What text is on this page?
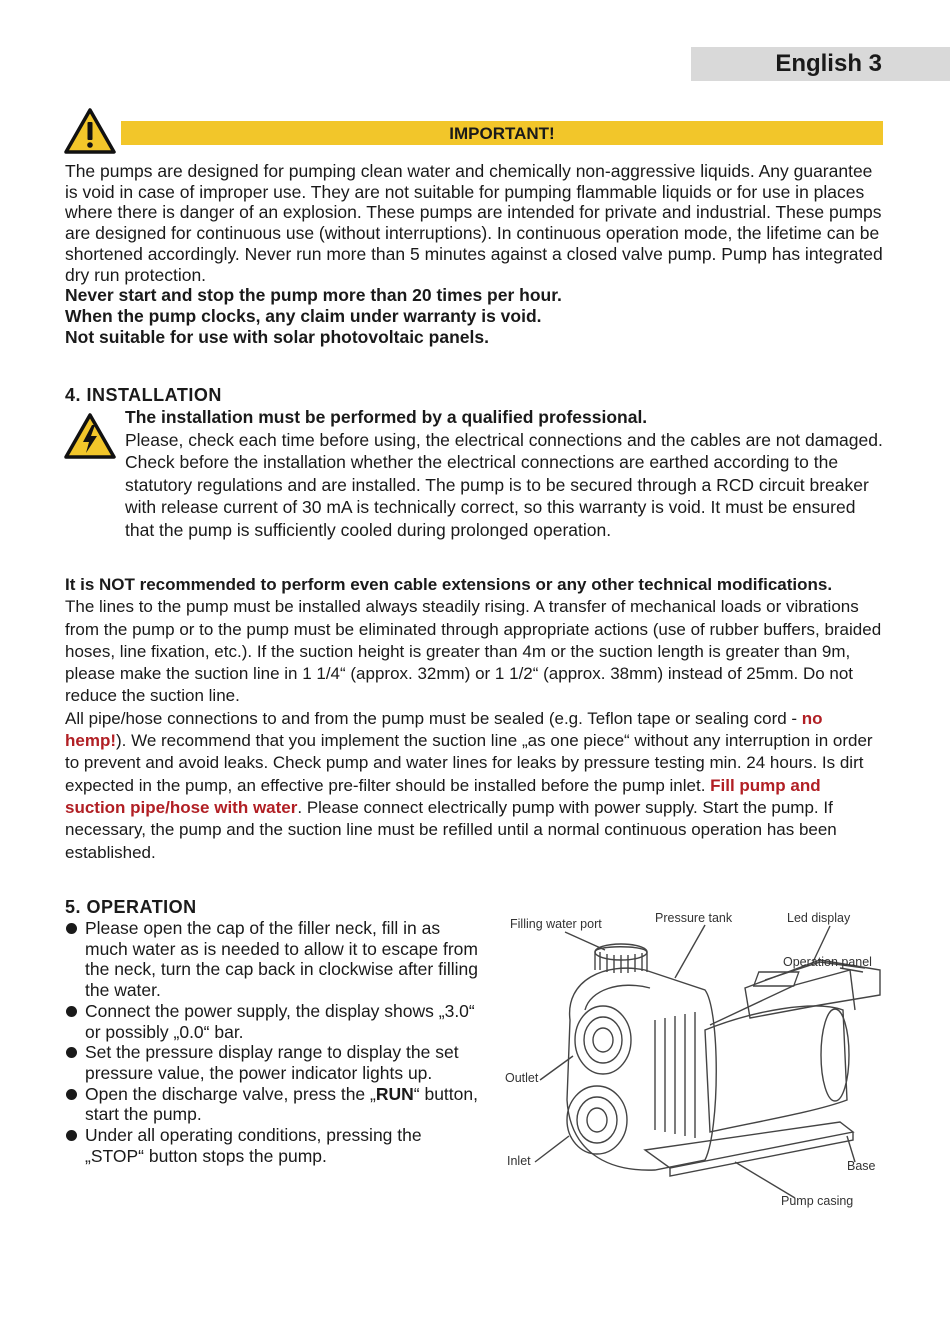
English 3
IMPORTANT!

The pumps are designed for pumping clean water and chemically non-aggressive liquids. Any guarantee is void in case of improper use. They are not suitable for pumping flammable liquids or for use in places where there is danger of an explosion. These pumps are intended for private and industrial. These pumps are designed for continuous use (without interruptions). In continuous operation mode, the lifetime can be shortened accordingly. Never run more than 5 minutes against a closed valve pump. Pump has integrated dry run protection.

Never start and stop the pump more than 20 times per hour.

When the pump clocks, any claim under warranty is void.

Not suitable for use with solar photovoltaic panels.

4. INSTALLATION
The installation must be performed by a qualified professional.
Please, check each time before using, the electrical connections and the cables are not damaged. Check before the installation whether the electrical connections are earthed according to the statutory regulations and are installed. The pump is to be secured through a RCD circuit breaker with release current of 30 mA is technically correct, so this warranty is void. It must be ensured that the pump is sufficiently cooled during prolonged operation.
It is NOT recommended to perform even cable extensions or any other technical modifications.
The lines to the pump must be installed always steadily rising. A transfer of mechanical loads or vibrations from the pump or to the pump must be eliminated through appropriate actions (use of rubber buffers, braided hoses, line fixation, etc.). If the suction height is greater than 4m or the suction length is greater than 9m, please make the suction line in 1 1/4“ (approx. 32mm) or 1 1/2“ (approx. 38mm) instead of 25mm. Do not reduce the suction line.
All pipe/hose connections to and from the pump must be sealed (e.g. Teflon tape or sealing cord - no hemp!). We recommend that you implement the suction line „as one piece“ without any interruption in order to prevent and avoid leaks. Check pump and water lines for leaks by pressure testing min. 24 hours. Is dirt expected in the pump, an effective pre-filter should be installed before the pump inlet. Fill pump and suction pipe/hose with water. Please connect electrically pump with power supply. Start the pump. If necessary, the pump and the suction line must be refilled until a normal continuous operation has been established.
5. OPERATION
Please open the cap of the filler neck, fill in as much water as is needed to allow it to escape from the neck, turn the cap back in clockwise after filling the water.
Connect the power supply, the display shows „3.0“ or possibly „0.0“ bar.
Set the pressure display range to display the set pressure value, the power indicator lights up.
Open the discharge valve, press the „RUN“ button, start the pump.
Under all operating conditions, pressing the „STOP“ button stops the pump.
Filling water port	Pressure tank	Led display
Operation panel
Outlet
Inlet	Base
Pump casing
